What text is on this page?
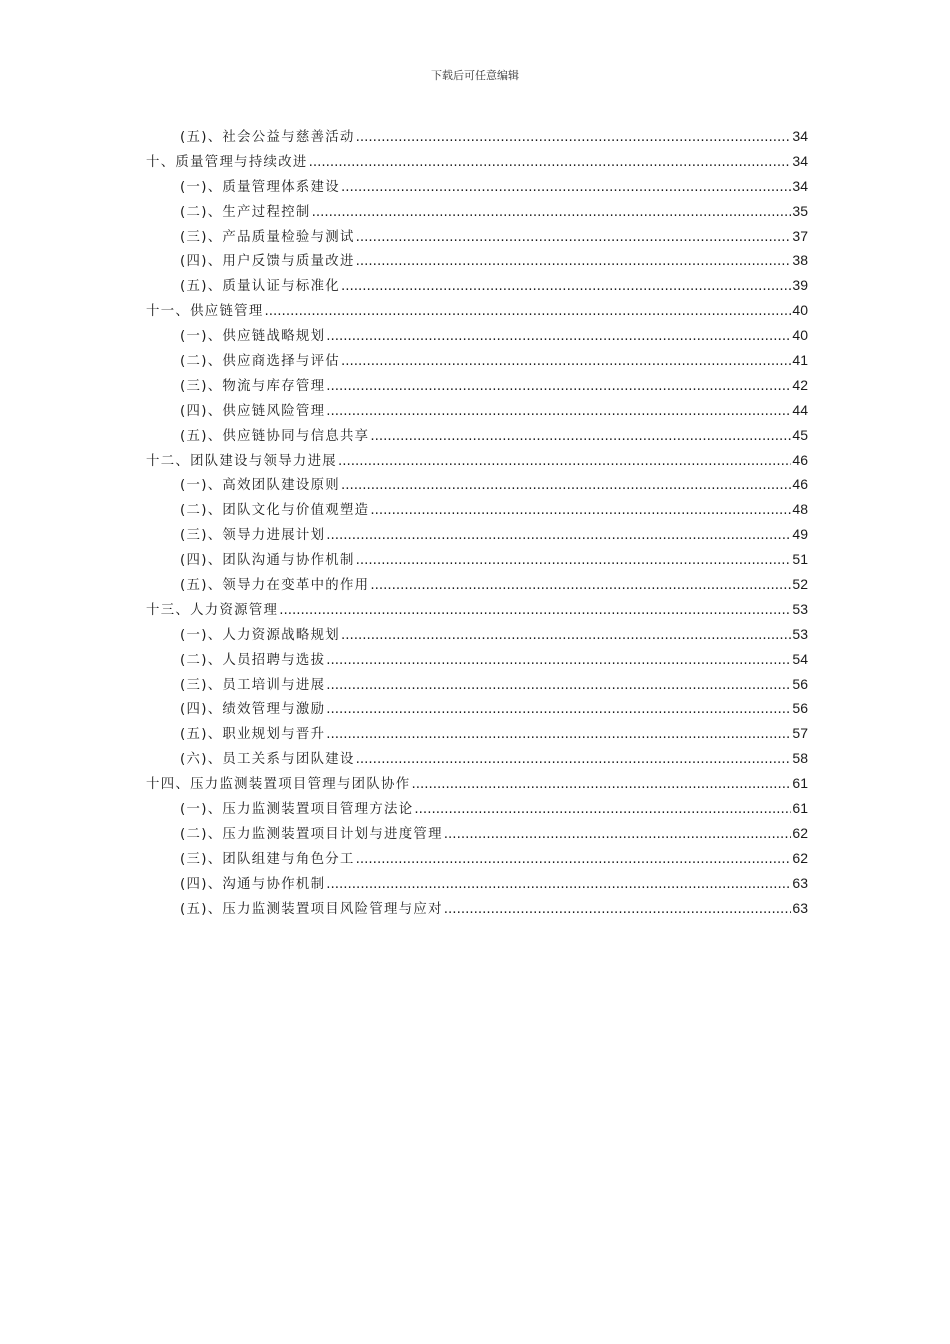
下载后可任意编辑
(五)、社会公益与慈善活动 .....	34
十、质量管理与持续改进 .....	34
(一)、质量管理体系建设 .....	34
(二)、生产过程控制 .....	35
(三)、产品质量检验与测试 .....	37
(四)、用户反馈与质量改进 .....	38
(五)、质量认证与标准化 .....	39
十一、供应链管理 .....	40
(一)、供应链战略规划 .....	40
(二)、供应商选择与评估 .....	41
(三)、物流与库存管理 .....	42
(四)、供应链风险管理 .....	44
(五)、供应链协同与信息共享 .....	45
十二、团队建设与领导力进展 .....	46
(一)、高效团队建设原则 .....	46
(二)、团队文化与价值观塑造 .....	48
(三)、领导力进展计划 .....	49
(四)、团队沟通与协作机制 .....	51
(五)、领导力在变革中的作用 .....	52
十三、人力资源管理 .....	53
(一)、人力资源战略规划 .....	53
(二)、人员招聘与选拔 .....	54
(三)、员工培训与进展 .....	56
(四)、绩效管理与激励 .....	56
(五)、职业规划与晋升 .....	57
(六)、员工关系与团队建设 .....	58
十四、压力监测装置项目管理与团队协作 .....	61
(一)、压力监测装置项目管理方法论 .....	61
(二)、压力监测装置项目计划与进度管理 .....	62
(三)、团队组建与角色分工 .....	62
(四)、沟通与协作机制 .....	63
(五)、压力监测装置项目风险管理与应对 .....	63
